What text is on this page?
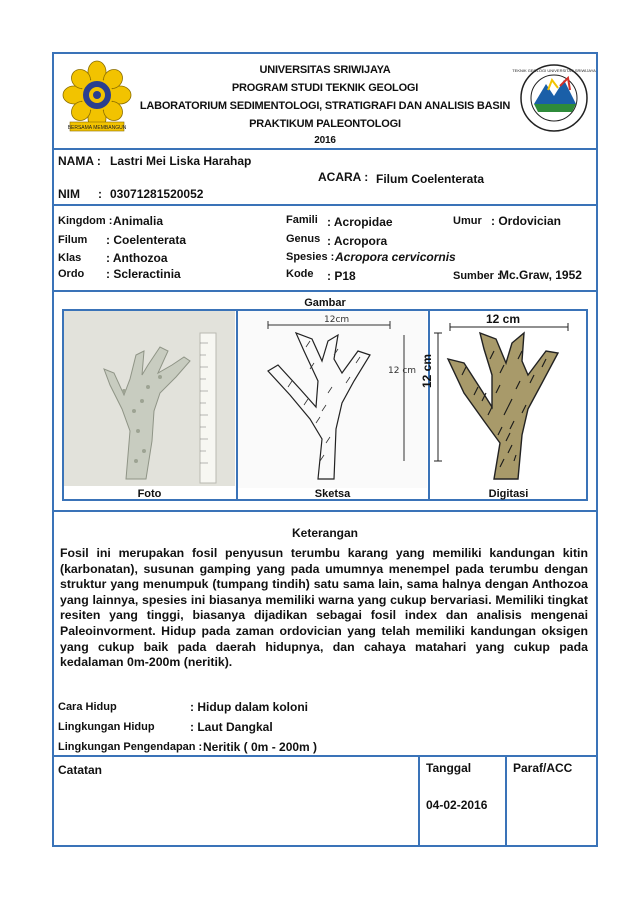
BERSAMA MEMBANGUN
TEKNIK GEOLOGI UNIVERSITAS SRIWIJAYA
UNIVERSITAS SRIWIJAYA
PROGRAM STUDI TEKNIK GEOLOGI
LABORATORIUM SEDIMENTOLOGI, STRATIGRAFI DAN ANALISIS BASIN
PRAKTIKUM PALEONTOLOGI
2016
NAMA : Lastri Mei Liska Harahap
ACARA : Filum Coelenterata
NIM : 03071281520052
Kingdom : Animalia
Filum : Coelenterata
Klas : Anthozoa
Ordo : Scleractinia
Famili : Acropidae
Genus : Acropora
Spesies : Acropora cervicornis
Kode : P18
Umur : Ordovician
Sumber :
Mc.Graw, 1952
Gambar
Foto
12cm
12 cm
Sketsa
12 cm
12 cm
Digitasi
Keterangan
Fosil ini merupakan fosil penyusun terumbu karang yang memiliki kandungan kitin (karbonatan), susunan gamping yang pada umumnya menempel pada terumbu dengan struktur yang menumpuk (tumpang tindih) satu sama lain, sama halnya dengan Anthozoa yang lainnya, spesies ini biasanya memiliki warna yang cukup bervariasi. Memiliki tingkat resiten yang tinggi, biasanya dijadikan sebagai fosil index dan analisis mengenai Paleoinvorment. Hidup pada zaman ordovician yang telah memiliki kandungan oksigen yang cukup baik pada daerah hidupnya, dan cahaya matahari yang cukup pada kedalaman 0m-200m (neritik).
Cara Hidup	: Hidup dalam koloni
Lingkungan Hidup	: Laut Dangkal
Lingkungan Pengendapan : Neritik ( 0m - 200m )
Catatan	Tanggal
04-02-2016
Paraf/ACC
